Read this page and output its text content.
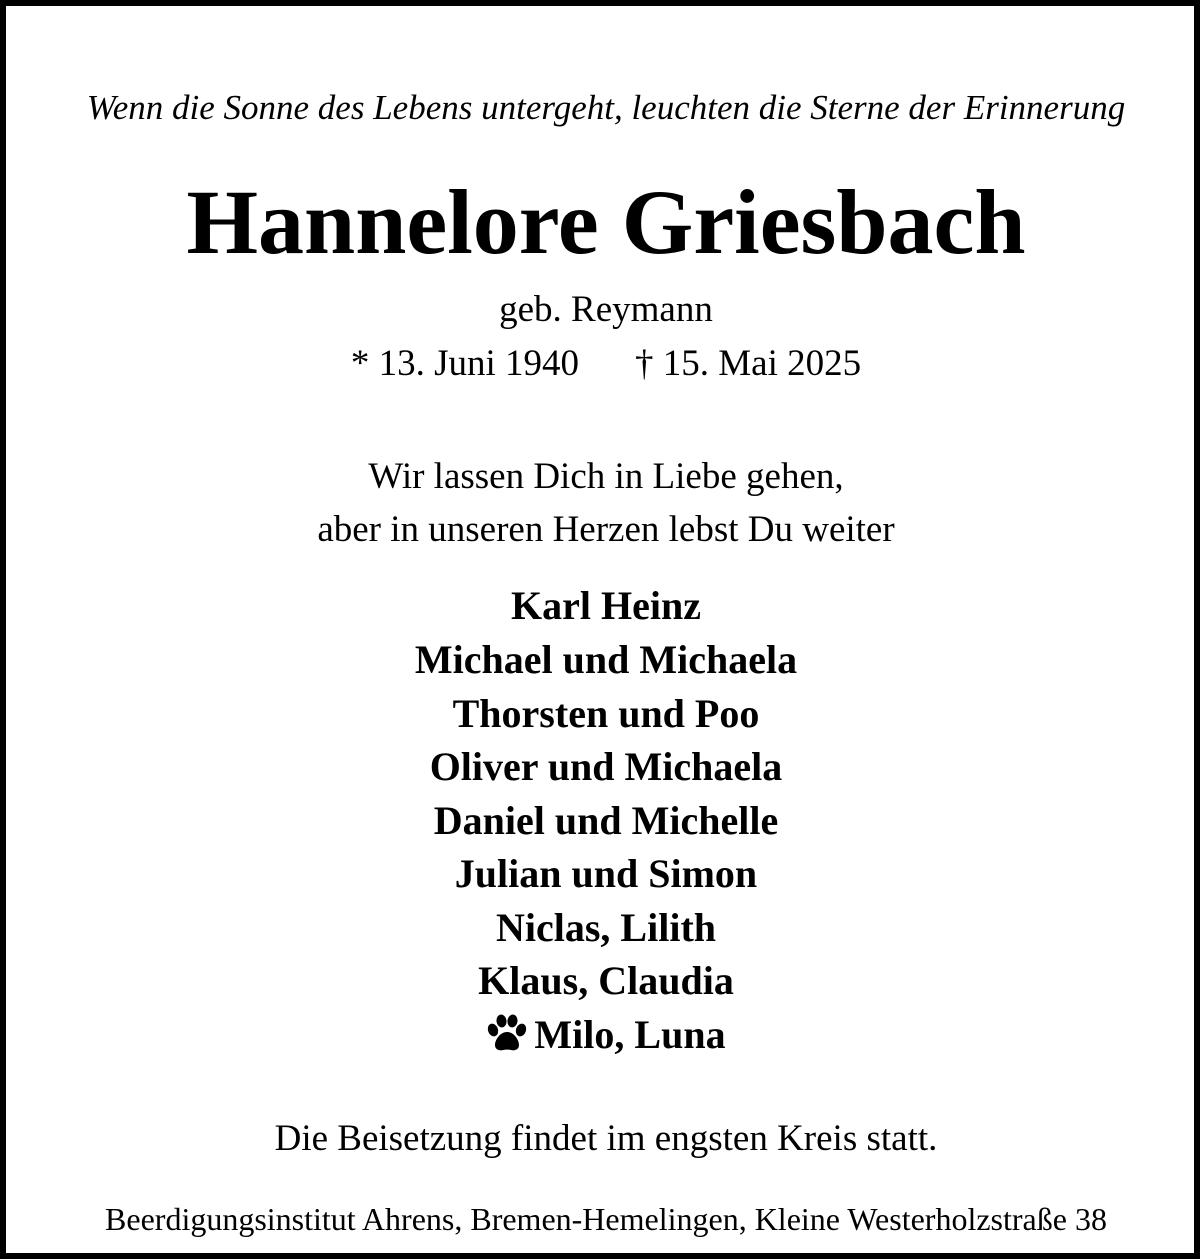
Wenn die Sonne des Lebens untergeht, leuchten die Sterne der Erinnerung
Hannelore Griesbach
geb. Reymann
* 13. Juni 1940 † 15. Mai 2025
Wir lassen Dich in Liebe gehen,
aber in unseren Herzen lebst Du weiter
Karl Heinz
Michael und Michaela
Thorsten und Poo
Oliver und Michaela
Daniel und Michelle
Julian und Simon
Niclas, Lilith
Klaus, Claudia
Milo, Luna
Die Beisetzung findet im engsten Kreis statt.
Beerdigungsinstitut Ahrens, Bremen-Hemelingen, Kleine Westerholzstraße 38
